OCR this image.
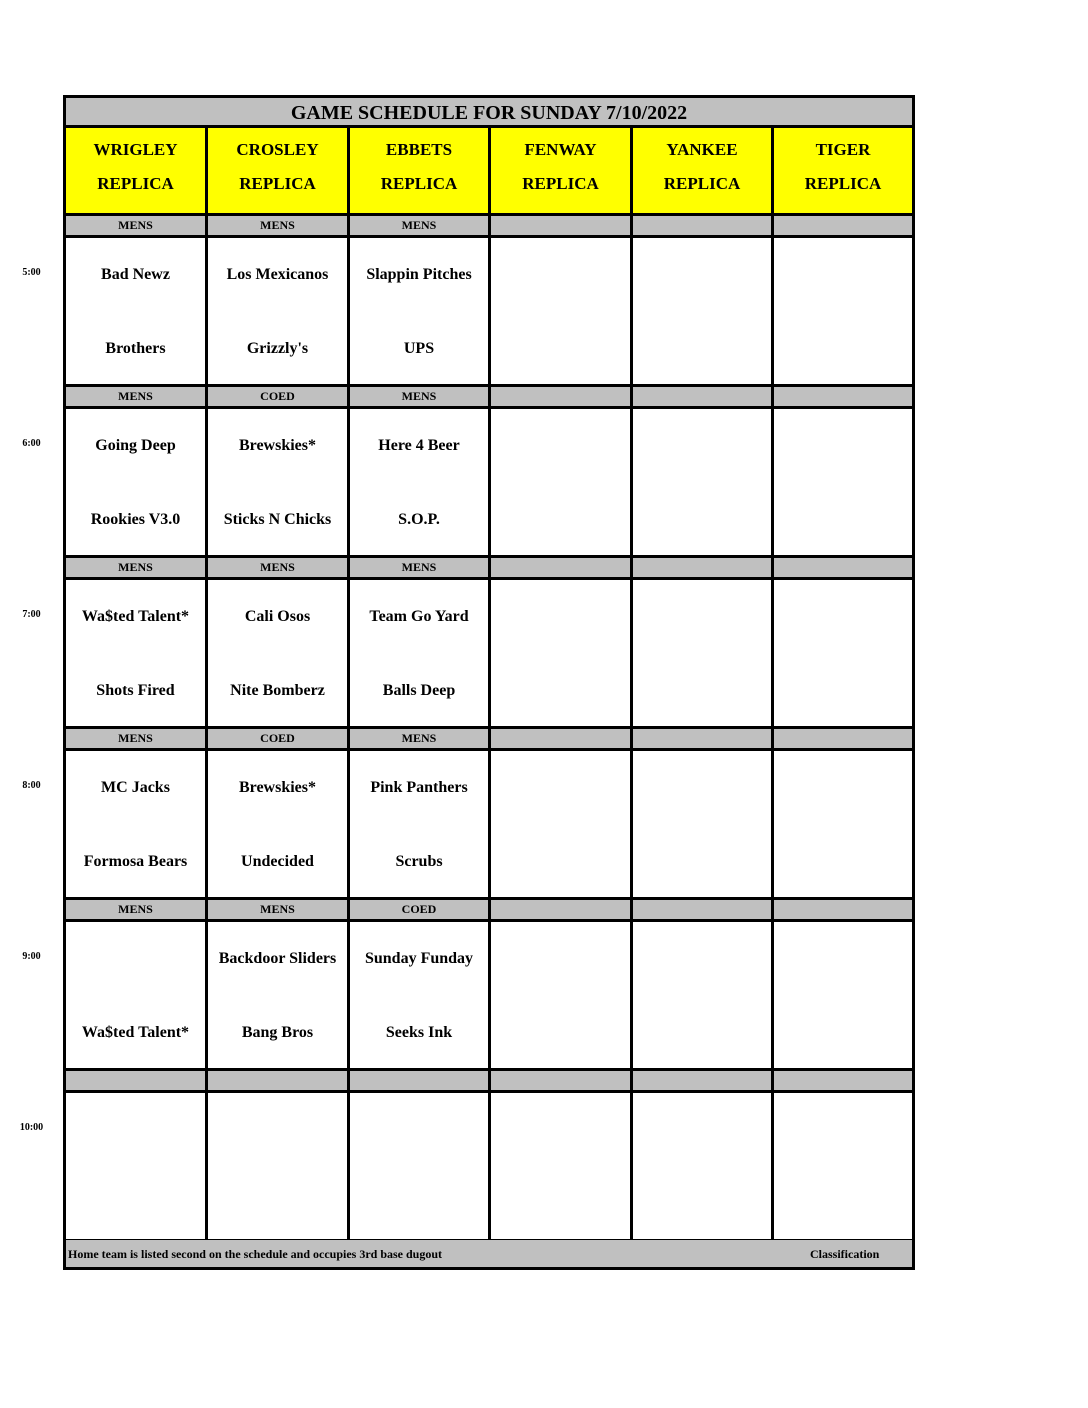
GAME SCHEDULE FOR SUNDAY 7/10/2022
WRIGLEY
REPLICA
CROSLEY
REPLICA
EBBETS
REPLICA
FENWAY
REPLICA
YANKEE
REPLICA
TIGER
REPLICA
MENS
Bad Newz
Brothers
MENS
Los Mexicanos
Grizzly's
MENS
Slappin Pitches
UPS
MENS
Going Deep
Rookies V3.0
COED
Brewskies*
Sticks N Chicks
MENS
Here 4 Beer
S.O.P.
MENS
Wa$ted Talent*
Shots Fired
MENS
Cali Osos
Nite Bomberz
MENS
Team Go Yard
Balls Deep
MENS
MC Jacks
Formosa Bears
COED
Brewskies*
Undecided
MENS
Pink Panthers
Scrubs
MENS
Wa$ted Talent*
MENS
Backdoor Sliders
Bang Bros
COED
Sunday Funday
Seeks Ink
Home team is listed second on the schedule and occupies 3rd base dugout	Classification
5:00
6:00
7:00
8:00
9:00
10:00
